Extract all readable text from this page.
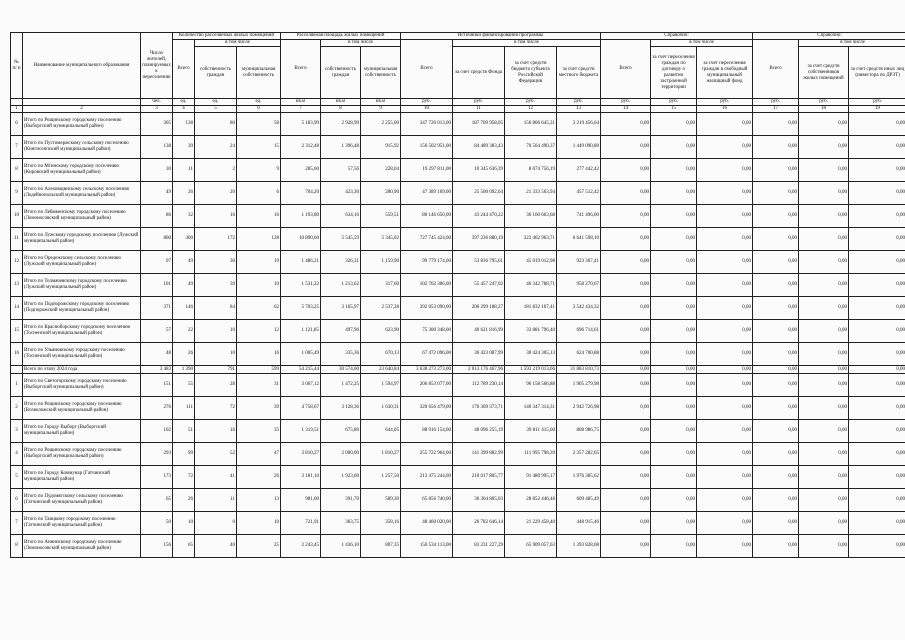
№ п/ п	Наименование муниципального образования	Число жителей, планируемых к переселению	Количество расселяемых жилых помещений			Расселяемая площадь жилых помещений			Источники финансирования программы				Справочно:			Справочно:		
			Всего	в том числе		Всего	в том числе		Всего	в том числе			Всего	в том числе		Всего	в том числе	
				собственность граждан	муниципальная собственность		собственность граждан	муниципальная собственность		за счет средств Фонда	за счет средств бюджета субъекта Российской Федерации	за счет средств местного бюджета		за счет переселения граждан по договору о развитии застроенной территории	за счет переселения граждан в свободный муниципальный жилищный фонд		за счет средств собственников жилых помещений	за счет средств иных лиц (инвестора по ДРЗТ)
		чел.	ед.	ед.	ед.	кв.м	кв.м	кв.м	руб.	руб.	руб.	руб.	руб.	руб.	руб.	руб.	руб.	руб.
1	2	3	4	5	6	7	8	9	10	11	12	13	14	15	16	17	18	19
6	Итого по Рощинскому городскому поселению (Выборгский муниципальный район)	305	138	80	58	5 183,99	2 928,99	2 255,00	347 726 013,00	187 709 958,05	156 806 645,31	3 219 456,64	0,00	0,00	0,00	0,00	0,00	0,00
7	Итого по Пустомержскому сельскому поселению (Кингисеппский муниципальный район)	138	39	24	15	2 312,48	1 396,48	915,92	156 502 951,00	84 489 383,43	70 564 490,37	1 449 090,80	0,00	0,00	0,00	0,00	0,00	0,00
8	Итого по Мгинскому городскому поселению (Кировский муниципальный район)	30	11	2	9	285,60	57,56	228,04	19 297 811,00	10 345 636,39	8 674 756,19	277 442,42	0,00	0,00	0,00	0,00	0,00	0,00
9	Итого по Алеховщинскому сельскому поселению (Лодейнопольский муниципальный район)	49	26	20	6	704,20	423,30	280,90	47 389 169,00	25 500 092,64	21 333 563,94	457 512,42	0,00	0,00	0,00	0,00	0,00	0,00
10	Итого по Лебяженскому городскому поселению (Ломоносовский муниципальный район)	86	32	16	16	1 193,80	634,16	559,51	80 146 650,00	43 244 470,22	36 160 663,68	741 496,00	0,00	0,00	0,00	0,00	0,00	0,00
11	Итого по Лужскому городскому поселению (Лужский муниципальный район)	800	300	172	128	10 890,60	5 545,59	5 345,02	727 745 424,00	397 236 880,19	323 462 963,71	6 641 598,10	0,00	0,00	0,00	0,00	0,00	0,00
12	Итого по Оредежскому сельскому поселению (Лужский муниципальный район)	97	49	30	19	1 486,21	326,31	1 159,90	99 779 174,00	53 836 795,61	45 019 012,98	923 367,41	0,00	0,00	0,00	0,00	0,00	0,00
13	Итого по Толмачевскому городскому поселению (Лужский муниципальный район)	101	49	39	10	1 531,22	1 213,62	317,60	102 762 306,00	55 457 247,02	46 342 788,71	958 270,67	0,00	0,00	0,00	0,00	0,00	0,00
14	Итого по Подпорожскому городскому поселению (Подпорожский муниципальный район)	371	146	84	62	5 703,25	3 165,97	2 537,28	392 053 090,00	206 299 188,27	181 832 167,41	3 542 434,32	0,00	0,00	0,00	0,00	0,00	0,00
15	Итого по Красноборскому городскому поселению (Тосненский муниципальный район)	57	22	10	12	1 121,85	497,96	623,90	75 300 348,00	40 621 816,99	33 881 796,40	696 714,61	0,00	0,00	0,00	0,00	0,00	0,00
16	Итого по Ульяновскому городскому поселению (Тосненский муниципальный район)	48	26	10	16	1 005,49	335,36	670,13	67 472 096,00	36 423 087,99	30 424 305,13	624 700,88	0,00	0,00	0,00	0,00	0,00	0,00
	Всего по этапу 2024 года	3 483	1 390	791	599	54 215,44	30 574,60	23 640,84	3 638 273 273,00	2 013 176 467,96	1 593 219 013,66	31 883 810,73	0,00	0,00	0,00	0,00	0,00	0,00
1	Итого по Светогорскому городскому поселению (Выборгский муниципальный район)	151	55	28	31	3 067,12	1 472,25	1 594,97	206 853 077,00	112 789 230,14	96 158 566,88	1 905 279,98	0,00	0,00	0,00	0,00	0,00	0,00
2	Итого по Рощинскому городскому поселению (Всеволожский муниципальный район)	276	111	72	39	4 758,67	3 128,36	1 630,31	320 656 479,00	176 369 373,71	140 347 314,31	2 942 726,98	0,00	0,00	0,00	0,00	0,00	0,00
3	Итого по Городу Выборг (Выборгский муниципальный район)	102	51	16	35	1 319,51	675,80	644,05	88 916 154,00	48 096 255,19	39 811 415,00	808 986,75	0,00	0,00	0,00	0,00	0,00	0,00
4	Итого по Рощинскому городскому поселению (Выборгский муниципальный район)	293	99	52	47	3 810,27	2 000,00	1 810,27	255 722 964,00	141 399 882,99	111 995 798,39	2 357 282,65	0,00	0,00	0,00	0,00	0,00	0,00
5	Итого по Городу Коммунар (Гатчинский муниципальный район)	173	72	41	26	3 181,10	1 923,60	1 257,50	213 475 244,00	210 017 805,77	91 480 995,17	1 976 385,62	0,00	0,00	0,00	0,00	0,00	0,00
6	Итого по Пудомягскому сельскому поселению (Гатчинский муниципальный район)	65	26	11	13	981,00	391,70	589,30	65 856 740,00	36 304 805,03	28 852 446,48	609 485,49	0,00	0,00	0,00	0,00	0,00	0,00
7	Итого по Таицкому городскому поселению (Гатчинский муниципальный район)	50	10	0	10	721,91	363,75	358,16	48 460 020,00	26 782 646,14	21 229 458,40	448 915,46	0,00	0,00	0,00	0,00	0,00	0,00
8	Итого по Аннинскому городскому поселению (Ломоносовский муниципальный район)	156	65	40	25	2 243,45	1 436,10	807,35	150 534 113,00	83 231 227,29	65 909 057,63	1 393 828,08	0,00	0,00	0,00	0,00	0,00	0,00
